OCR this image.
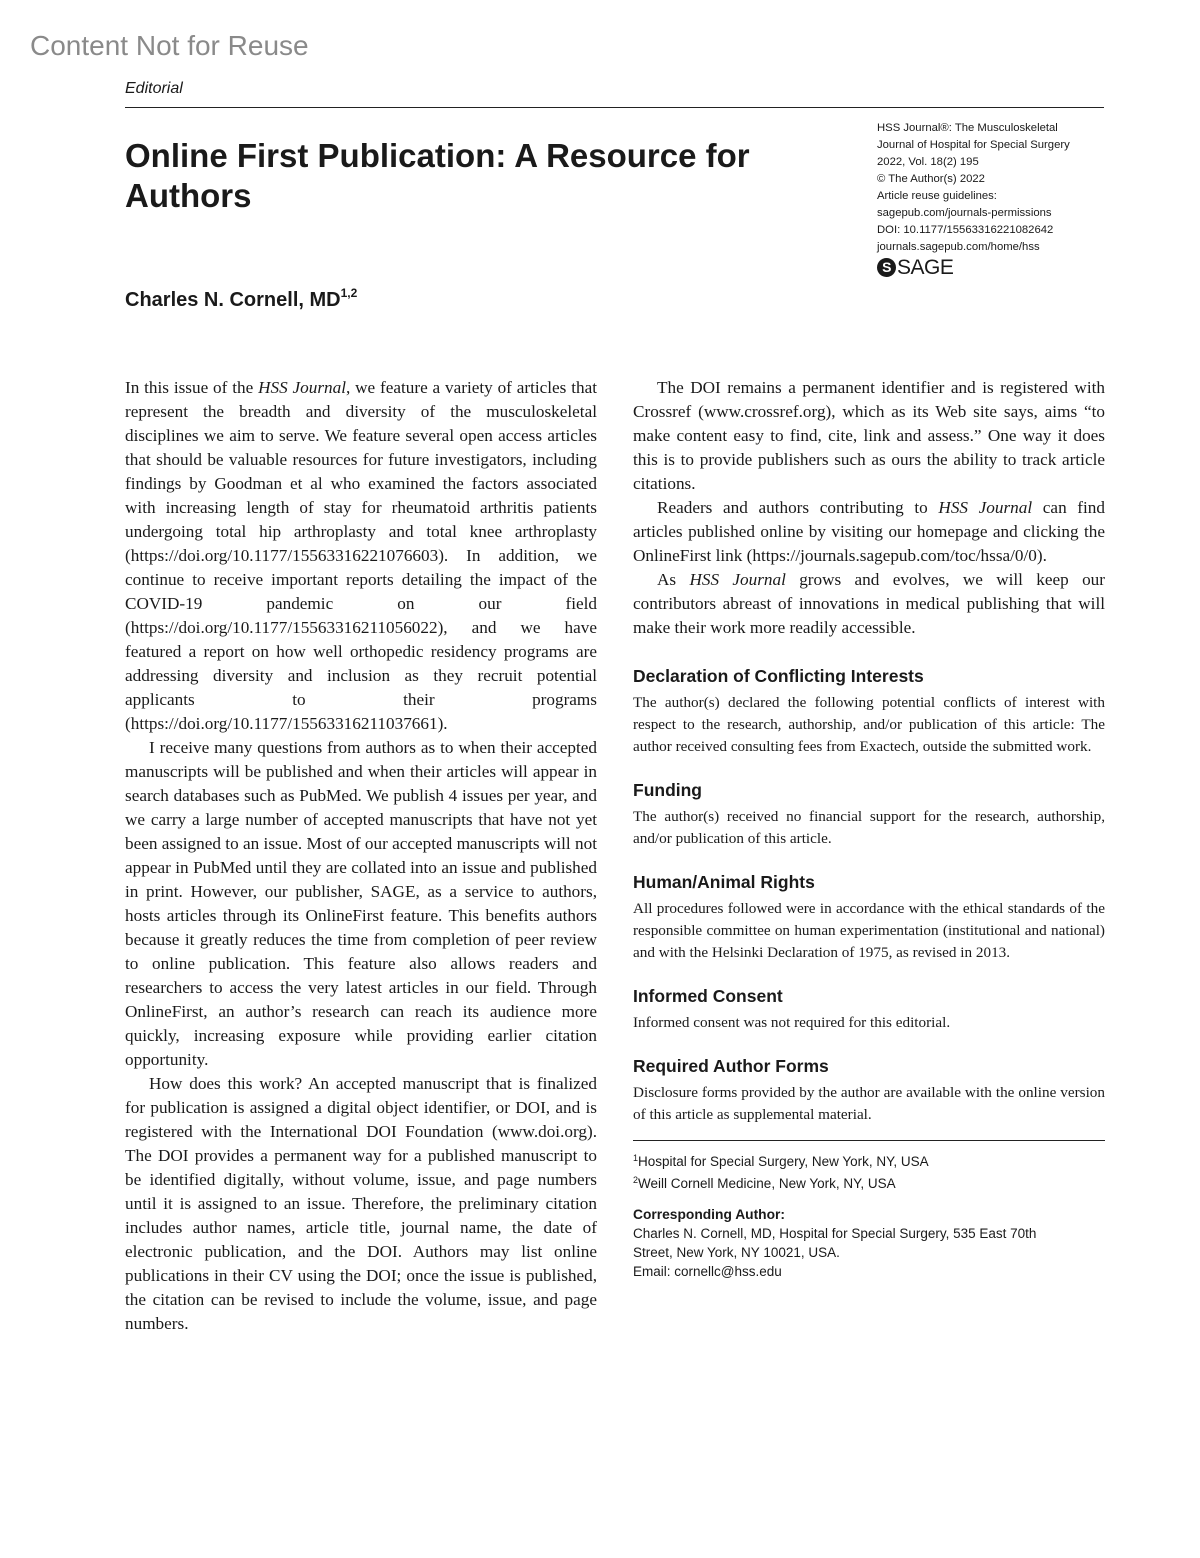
Content Not for Reuse
Editorial
Online First Publication: A Resource for Authors
HSS Journal®: The Musculoskeletal
Journal of Hospital for Special Surgery
2022, Vol. 18(2) 195
© The Author(s) 2022
Article reuse guidelines:
sagepub.com/journals-permissions
DOI: 10.1177/15563316221082642
journals.sagepub.com/home/hss
S SAGE
Charles N. Cornell, MD$^{1,2}$

In this issue of the HSS Journal, we feature a variety of articles that represent the breadth and diversity of the musculoskeletal disciplines we aim to serve. We feature several open access articles that should be valuable resources for future investigators, including findings by Goodman et al who examined the factors associated with increasing length of stay for rheumatoid arthritis patients undergoing total hip arthroplasty and total knee arthroplasty (https://doi.org/10.1177/15563316221076603). In addition, we continue to receive important reports detailing the impact of the COVID-19 pandemic on our field (https://doi.org/10.1177/15563316211056022), and we have featured a report on how well orthopedic residency programs are addressing diversity and inclusion as they recruit potential applicants to their programs (https://doi.org/10.1177/15563316211037661).

I receive many questions from authors as to when their accepted manuscripts will be published and when their articles will appear in search databases such as PubMed. We publish 4 issues per year, and we carry a large number of accepted manuscripts that have not yet been assigned to an issue. Most of our accepted manuscripts will not appear in PubMed until they are collated into an issue and published in print. However, our publisher, SAGE, as a service to authors, hosts articles through its OnlineFirst feature. This benefits authors because it greatly reduces the time from completion of peer review to online publication. This feature also allows readers and researchers to access the very latest articles in our field. Through OnlineFirst, an author’s research can reach its audience more quickly, increasing exposure while providing earlier citation opportunity.

How does this work? An accepted manuscript that is finalized for publication is assigned a digital object identifier, or DOI, and is registered with the International DOI Foundation (www.doi.org). The DOI provides a permanent way for a published manuscript to be identified digitally, without volume, issue, and page numbers until it is assigned to an issue. Therefore, the preliminary citation includes author names, article title, journal name, the date of electronic publication, and the DOI. Authors may list online publications in their CV using the DOI; once the issue is published, the citation can be revised to include the volume, issue, and page numbers.

The DOI remains a permanent identifier and is registered with Crossref (www.crossref.org), which as its Web site says, aims “to make content easy to find, cite, link and assess.” One way it does this is to provide publishers such as ours the ability to track article citations.

Readers and authors contributing to HSS Journal can find articles published online by visiting our homepage and clicking the OnlineFirst link (https://journals.sagepub.com/toc/hssa/0/0).

As HSS Journal grows and evolves, we will keep our contributors abreast of innovations in medical publishing that will make their work more readily accessible.

Declaration of Conflicting Interests

The author(s) declared the following potential conflicts of interest with respect to the research, authorship, and/or publication of this article: The author received consulting fees from Exactech, outside the submitted work.

Funding

The author(s) received no financial support for the research, authorship, and/or publication of this article.

Human/Animal Rights

All procedures followed were in accordance with the ethical standards of the responsible committee on human experimentation (institutional and national) and with the Helsinki Declaration of 1975, as revised in 2013.

Informed Consent

Informed consent was not required for this editorial.

Required Author Forms

Disclosure forms provided by the author are available with the online version of this article as supplemental material.

$^1$Hospital for Special Surgery, New York, NY, USA
$^2$Weill Cornell Medicine, New York, NY, USA
Corresponding Author:
Charles N. Cornell, MD, Hospital for Special Surgery, 535 East 70th
Street, New York, NY 10021, USA.
Email: cornellc@hss.edu
